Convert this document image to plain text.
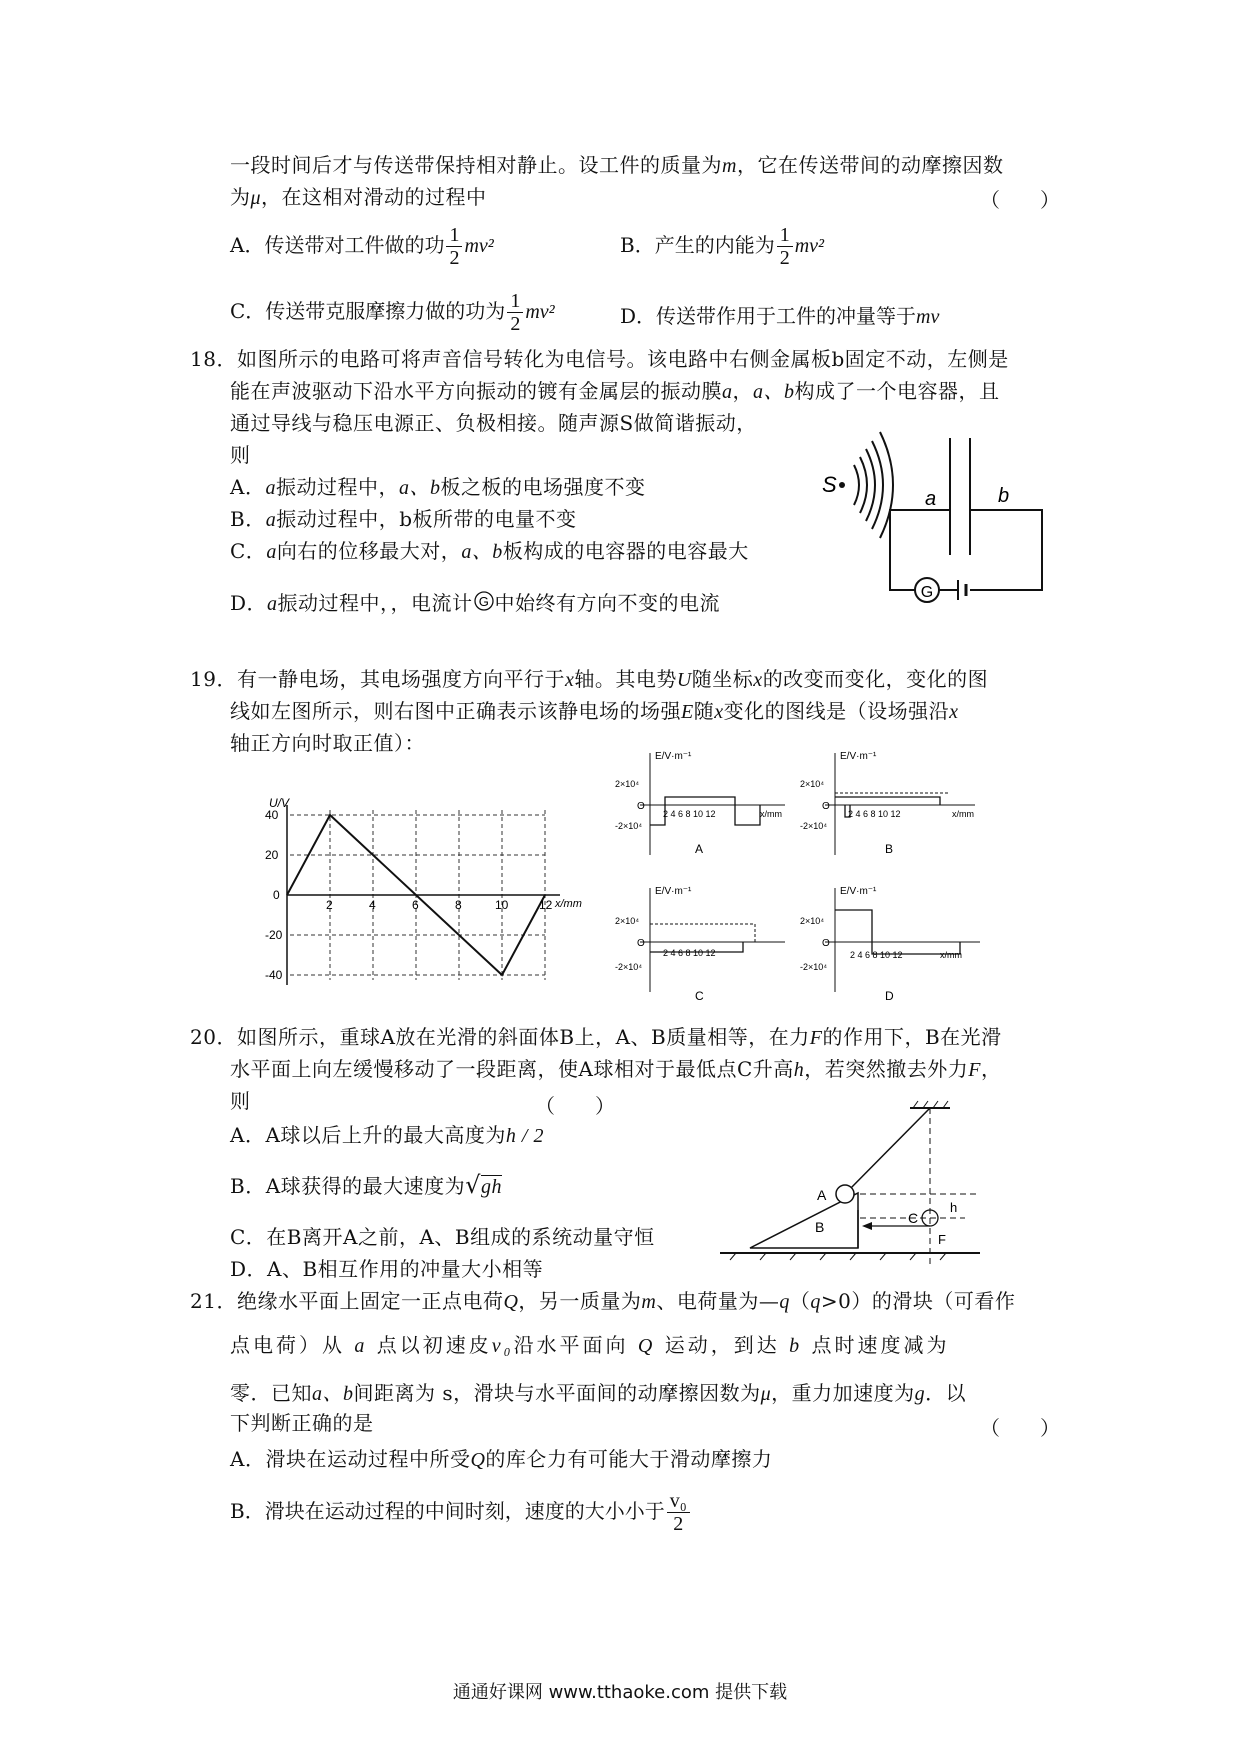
一段时间后才与传送带保持相对静止。设工件的质量为m，它在传送带间的动摩擦因数
为μ，在这相对滑动的过程中	（　　）
A．传送带对工件做的功 $\frac{1}{2} mv^2$	B．产生的内能为 $\frac{1}{2} mv^2$
C．传送带克服摩擦力做的功为 $\frac{1}{2} mv^2$	D．传送带作用于工件的冲量等于mv
18．如图所示的电路可将声音信号转化为电信号。该电路中右侧金属板b固定不动，左侧是
能在声波驱动下沿水平方向振动的镀有金属层的振动膜a，a、b构成了一个电容器，且
通过导线与稳压电源正、负极相接。随声源S做简谐振动，
则
A．a振动过程中，a、b板之板的电场强度不变
B．a振动过程中，b板所带的电量不变
C．a向右的位移最大对，a、b板构成的电容器的电容最大
D．a振动过程中，，电流计 G 中始终有方向不变的电流
S
a	b
G
19．有一静电场，其电场强度方向平行于x轴。其电势U随坐标x的改变而变化，变化的图
线如左图所示，则右图中正确表示该静电场的场强E随x变化的图线是（设场强沿x
轴正方向时取正值）：
U/V
x/mm
40
20
0
-20
-40
2	4	6	8	10	12
E/V·m⁻¹
2×10⁴
-2×10⁴
O
2 4 6 8 10 12	x/mm
A
E/V·m⁻¹
2×10⁴
-2×10⁴
O
2 4 6 8 10 12	x/mm
B
E/V·m⁻¹
2×10⁴
-2×10⁴
O
2 4 6 8 10 12
C
E/V·m⁻¹
2×10⁴
-2×10⁴
O
2 4 6 8 10 12	x/mm
D
20．如图所示，重球A放在光滑的斜面体B上，A、B质量相等，在力F的作用下，B在光滑
水平面上向左缓慢移动了一段距离，使A球相对于最低点C升高h，若突然撤去外力F，
则	（　　）
A．A球以后上升的最大高度为h / 2
B．A球获得的最大速度为√gh
C．在B离开A之前，A、B组成的系统动量守恒
D．A、B相互作用的冲量大小相等
A
B
C
h
F
21．绝缘水平面上固定一正点电荷Q，另一质量为m、电荷量为—q（q>0）的滑块（可看作
点电荷）从 a 点以初速皮v₀沿水平面向 Q 运动，到达 b 点时速度减为
零．已知a、b间距离为 s，滑块与水平面间的动摩擦因数为μ，重力加速度为g．以
下判断正确的是	（　　）
A．滑块在运动过程中所受Q的库仑力有可能大于滑动摩擦力
B．滑块在运动过程的中间时刻，速度的大小小于 $\frac{\text{v₀}}{2}$
通通好课网 www.tthaoke.com 提供下载
